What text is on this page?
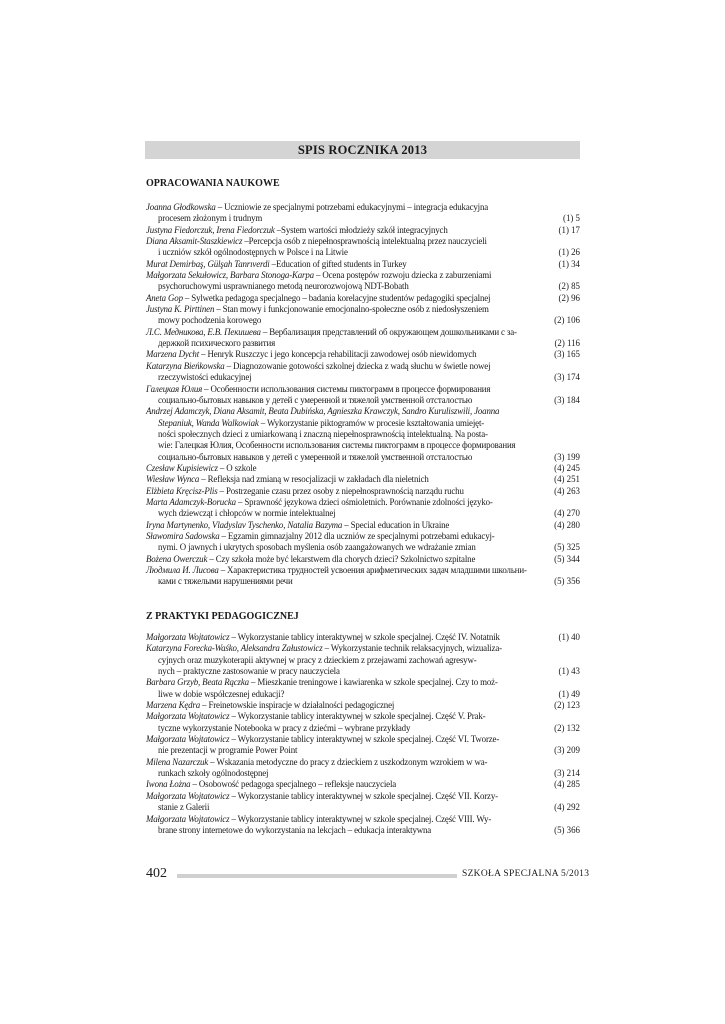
SPIS ROCZNIKA 2013
OPRACOWANIA NAUKOWE
Joanna Głodkowska – Uczniowie ze specjalnymi potrzebami edukacyjnymi – integracja edukacyjna
procesem złożonym i trudnym	(1) 5
Justyna Fiedorczuk, Irena Fiedorczuk –System wartości młodzieży szkół integracyjnych	(1) 17
Diana Aksamit-Staszkiewicz –Percepcja osób z niepełnosprawnością intelektualną przez nauczycieli
i uczniów szkół ogólnodostępnych w Polsce i na Litwie	(1) 26
Murat Demirbaş, Gülşah Tanrıverdi –Education of gifted students in Turkey	(1) 34
Małgorzata Sekułowicz, Barbara Stonoga-Karpa – Ocena postępów rozwoju dziecka z zaburzeniami
psychoruchowymi usprawnianego metodą neurorozwojową NDT-Bobath	(2) 85
Aneta Gop – Sylwetka pedagoga specjalnego – badania korelacyjne studentów pedagogiki specjalnej	(2) 96
Justyna K. Pirttinen – Stan mowy i funkcjonowanie emocjonalno-społeczne osób z niedosłyszeniem
mowy pochodzenia korowego	(2) 106
Л.С. Медникова, Е.В. Пекишева – Вербализация представлений об окружающем дошкольниками с за-
держкой психического развития	(2) 116
Marzena Dycht – Henryk Ruszczyc i jego koncepcja rehabilitacji zawodowej osób niewidomych	(3) 165
Katarzyna Bieńkowska – Diagnozowanie gotowości szkolnej dziecka z wadą słuchu w świetle nowej
rzeczywistości edukacyjnej	(3) 174
Галецкая Юлия – Особенности использования системы пиктограмм в процессе формирования
социально-бытовых навыков у детей с умеренной и тяжелой умственной отсталостью	(3) 184
Andrzej Adamczyk, Diana Aksamit, Beata Dubińska, Agnieszka Krawczyk, Sandro Kuruliszwili, Joanna
Stepaniuk, Wanda Walkowiak – Wykorzystanie piktogramów w procesie kształtowania umiejęt-
ności społecznych dzieci z umiarkowaną i znaczną niepełnosprawnością intelektualną. Na posta-
wie: Галецкая Юлия, Особенности использования системы пиктограмм в процессе формирования
социально-бытовых навыков у детей с умеренной и тяжелой умственной отсталостью	(3) 199
Czesław Kupisiewicz – O szkole	(4) 245
Wiesław Wynca – Refleksja nad zmianą w resocjalizacji w zakładach dla nieletnich	(4) 251
Elżbieta Kręcisz-Plis – Postrzeganie czasu przez osoby z niepełnosprawnością narządu ruchu	(4) 263
Marta Adamczyk-Borucka – Sprawność językowa dzieci ośmioletnich. Porównanie zdolności języko-
wych dziewcząt i chłopców w normie intelektualnej	(4) 270
Iryna Martynenko, Vladyslav Tyschenko, Natalia Bazyma – Special education in Ukraine	(4) 280
Sławomira Sadowska – Egzamin gimnazjalny 2012 dla uczniów ze specjalnymi potrzebami edukacyj-
nymi. O jawnych i ukrytych sposobach myślenia osób zaangażowanych we wdrażanie zmian	(5) 325
Bożena Owerczuk – Czy szkoła może być lekarstwem dla chorych dzieci? Szkolnictwo szpitalne	(5) 344
Людмила И. Лисова – Характеристика трудностей усвоения арифметических задач младшими школьни-
ками с тяжелыми нарушениями речи	(5) 356
Z PRAKTYKI PEDAGOGICZNEJ
Małgorzata Wojtatowicz – Wykorzystanie tablicy interaktywnej w szkole specjalnej. Część IV. Notatnik	(1) 40
Katarzyna Forecka-Waśko, Aleksandra Załustowicz – Wykorzystanie technik relaksacyjnych, wizualiza-
cyjnych oraz muzykoterapii aktywnej w pracy z dzieckiem z przejawami zachowań agresyw-
nych – praktyczne zastosowanie w pracy nauczyciela	(1) 43
Barbara Grzyb, Beata Rączka – Mieszkanie treningowe i kawiarenka w szkole specjalnej. Czy to moż-
liwe w dobie współczesnej edukacji?	(1) 49
Marzena Kędra – Freinetowskie inspiracje w działalności pedagogicznej	(2) 123
Małgorzata Wojtatowicz – Wykorzystanie tablicy interaktywnej w szkole specjalnej. Część V. Prak-
tyczne wykorzystanie Notebooka w pracy z dziećmi – wybrane przykłady	(2) 132
Małgorzata Wojtatowicz – Wykorzystanie tablicy interaktywnej w szkole specjalnej. Część VI. Tworze-
nie prezentacji w programie Power Point	(3) 209
Milena Nazarczuk – Wskazania metodyczne do pracy z dzieckiem z uszkodzonym wzrokiem w wa-
runkach szkoły ogólnodostępnej	(3) 214
Iwona Łożna – Osobowość pedagoga specjalnego – refleksje nauczyciela	(4) 285
Małgorzata Wojtatowicz – Wykorzystanie tablicy interaktywnej w szkole specjalnej. Część VII. Korzy-
stanie z Galerii	(4) 292
Małgorzata Wojtatowicz – Wykorzystanie tablicy interaktywnej w szkole specjalnej. Część VIII. Wy-
brane strony internetowe do wykorzystania na lekcjach – edukacja interaktywna	(5) 366
402	SZKOŁA SPECJALNA 5/2013
